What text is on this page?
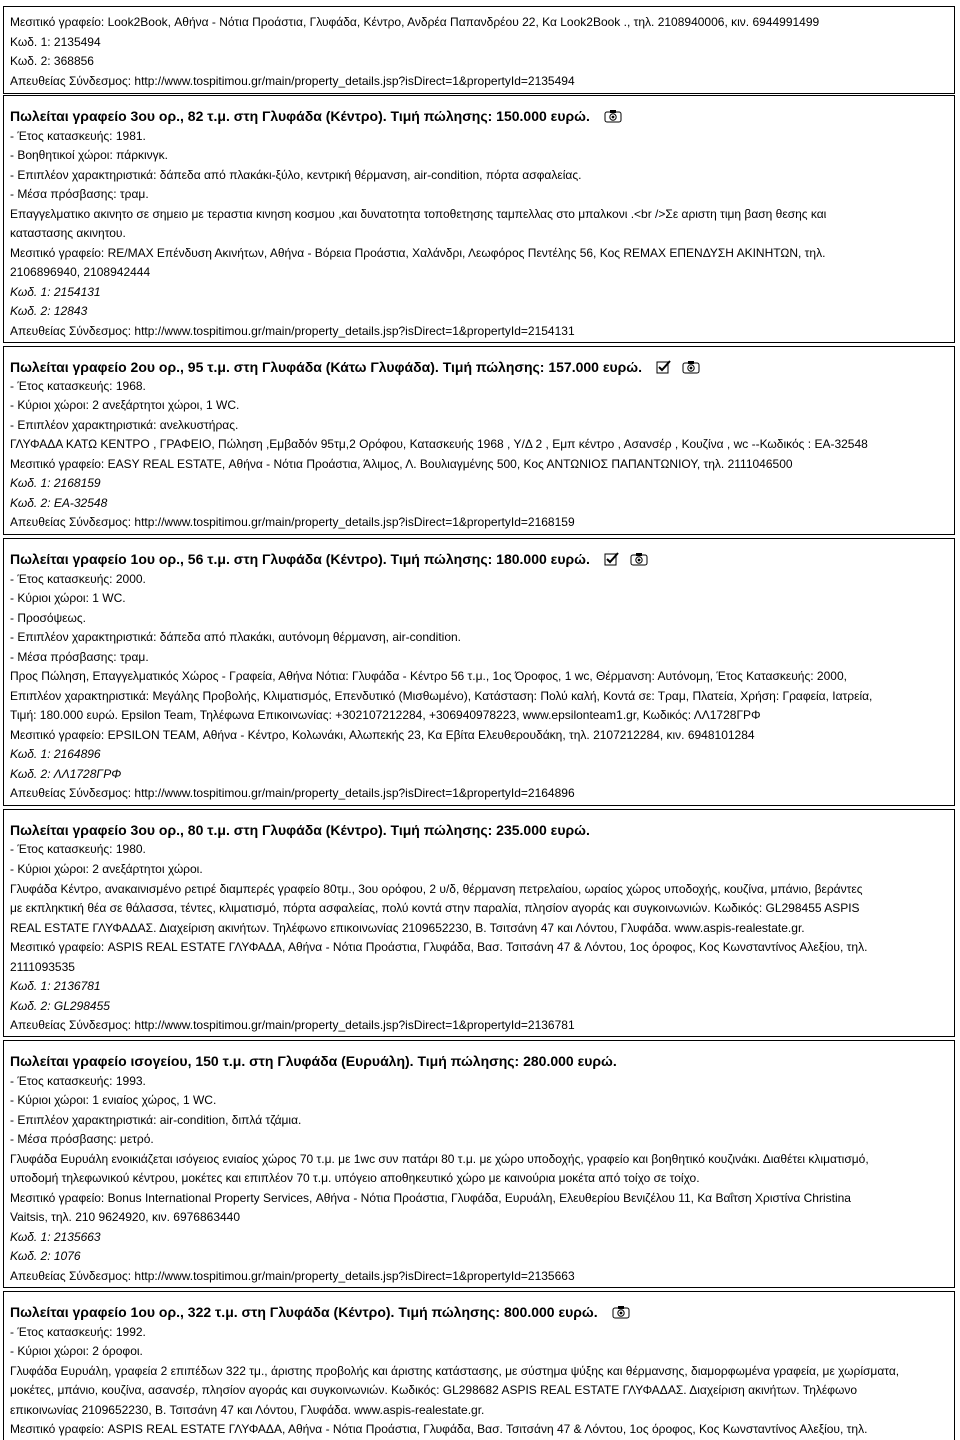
Μεσιτικό γραφείο: Look2Book, Αθήνα - Νότια Προάστια, Γλυφάδα, Κέντρο, Ανδρέα Παπανδρέου 22, Κα Look2Book ., τηλ. 2108940006, κιν. 6944991499
Κωδ. 1: 2135494
Κωδ. 2: 368856
Απευθείας Σύνδεσμος: http://www.tospitimou.gr/main/property_details.jsp?isDirect=1&propertyId=2135494
Πωλείται γραφείο 3ου ορ., 82 τ.μ. στη Γλυφάδα (Κέντρο). Τιμή πώλησης: 150.000 ευρώ.
- Έτος κατασκευής: 1981.
- Βοηθητικοί χώροι: πάρκινγκ.
- Επιπλέον χαρακτηριστικά: δάπεδα από πλακάκι-ξύλο, κεντρική θέρμανση, air-condition, πόρτα ασφαλείας.
- Μέσα πρόσβασης: τραμ.
Επαγγελματικο ακινητο σε σημειο με τεραστια κινηση κοσμου ,και δυνατοτητα τοποθετησης ταμπελλας στο μπαλκονι .<br />Σε αριστη τιμη βαση θεσης και
καταστασης ακινητου.
Μεσιτικό γραφείο: RE/MAX Επένδυση Ακινήτων, Αθήνα - Βόρεια Προάστια, Χαλάνδρι, Λεωφόρος Πεντέλης 56, Κος REMAX ΕΠΕΝΔΥΣΗ ΑΚΙΝΗΤΩΝ, τηλ.
2106896940, 2108942444
Κωδ. 1: 2154131
Κωδ. 2: 12843
Απευθείας Σύνδεσμος: http://www.tospitimou.gr/main/property_details.jsp?isDirect=1&propertyId=2154131
Πωλείται γραφείο 2ου ορ., 95 τ.μ. στη Γλυφάδα (Κάτω Γλυφάδα). Τιμή πώλησης: 157.000 ευρώ.
- Έτος κατασκευής: 1968.
- Κύριοι χώροι: 2 ανεξάρτητοι χώροι, 1 WC.
- Επιπλέον χαρακτηριστικά: ανελκυστήρας.
ΓΛΥΦΑΔΑ ΚΑΤΩ ΚΕΝΤΡΟ , ΓΡΑΦΕΙΟ, Πώληση ,Εμβαδόν 95τμ,2 Ορόφου, Κατασκευής 1968 , Υ/Δ 2 , Εμπ κέντρο , Ασανσέρ , Κουζίνα , wc --Κωδικός : ΕΑ-32548
Μεσιτικό γραφείο: EASY REAL ESTATE, Αθήνα - Νότια Προάστια, Άλιμος, Λ. Βουλιαγμένης 500, Κος ΑΝΤΩΝΙΟΣ ΠΑΠΑΝΤΩΝΙΟΥ, τηλ. 2111046500
Κωδ. 1: 2168159
Κωδ. 2: ΕΑ-32548
Απευθείας Σύνδεσμος: http://www.tospitimou.gr/main/property_details.jsp?isDirect=1&propertyId=2168159
Πωλείται γραφείο 1ου ορ., 56 τ.μ. στη Γλυφάδα (Κέντρο). Τιμή πώλησης: 180.000 ευρώ.
- Έτος κατασκευής: 2000.
- Κύριοι χώροι: 1 WC.
- Προσόψεως.
- Επιπλέον χαρακτηριστικά: δάπεδα από πλακάκι, αυτόνομη θέρμανση, air-condition.
- Μέσα πρόσβασης: τραμ.
Προς Πώληση, Επαγγελματικός Χώρος - Γραφεία, Αθήνα Νότια: Γλυφάδα - Κέντρο 56 τ.μ., 1ος Όροφος, 1 wc, Θέρμανση: Αυτόνομη, Έτος Κατασκευής: 2000,
Επιπλέον χαρακτηριστικά: Μεγάλης Προβολής, Κλιματισμός, Επενδυτικό (Μισθωμένο), Κατάσταση: Πολύ καλή, Κοντά σε: Τραμ, Πλατεία, Χρήση: Γραφεία, Ιατρεία,
Τιμή: 180.000 ευρώ. Epsilon Team, Τηλέφωνα Επικοινωνίας: +302107212284, +306940978223, www.epsilonteam1.gr, Κωδικός: ΛΛ1728ΓΡΦ
Μεσιτικό γραφείο: EPSILON TEAM, Αθήνα - Κέντρο, Κολωνάκι, Αλωπεκής 23, Κα Εβίτα Ελευθερουδάκη, τηλ. 2107212284, κιν. 6948101284
Κωδ. 1: 2164896
Κωδ. 2: ΛΛ1728ΓΡΦ
Απευθείας Σύνδεσμος: http://www.tospitimou.gr/main/property_details.jsp?isDirect=1&propertyId=2164896
Πωλείται γραφείο 3ου ορ., 80 τ.μ. στη Γλυφάδα (Κέντρο). Τιμή πώλησης: 235.000 ευρώ.
- Έτος κατασκευής: 1980.
- Κύριοι χώροι: 2 ανεξάρτητοι χώροι.
Γλυφάδα Κέντρο, ανακαινισμένο ρετιρέ διαμπερές γραφείο 80τμ., 3ου ορόφου, 2 υ/δ, θέρμανση πετρελαίου, ωραίος χώρος υποδοχής, κουζίνα, μπάνιο, βεράντες
με εκπληκτική θέα σε θάλασσα, τέντες, κλιματισμό, πόρτα ασφαλείας, πολύ κοντά στην παραλία, πλησίον αγοράς και συγκοινωνιών. Κωδικός: GL298455 ASPIS
REAL ESTATE ΓΛΥΦΑΔΑΣ. Διαχείριση ακινήτων. Τηλέφωνο επικοινωνίας 2109652230, Β. Τσιτσάνη 47 και Λόντου, Γλυφάδα. www.aspis-realestate.gr.
Μεσιτικό γραφείο: ASPIS REAL ESTATE ΓΛΥΦΑΔΑ, Αθήνα - Νότια Προάστια, Γλυφάδα, Βασ. Τσιτσάνη 47 & Λόντου, 1ος όροφος, Κος Κωνσταντίνος Αλεξίου, τηλ.
2111093535
Κωδ. 1: 2136781
Κωδ. 2: GL298455
Απευθείας Σύνδεσμος: http://www.tospitimou.gr/main/property_details.jsp?isDirect=1&propertyId=2136781
Πωλείται γραφείο ισογείου, 150 τ.μ. στη Γλυφάδα (Ευρυάλη). Τιμή πώλησης: 280.000 ευρώ.
- Έτος κατασκευής: 1993.
- Κύριοι χώροι: 1 ενιαίος χώρος, 1 WC.
- Επιπλέον χαρακτηριστικά: air-condition, διπλά τζάμια.
- Μέσα πρόσβασης: μετρό.
Γλυφάδα Ευρυάλη ενοικιάζεται ισόγειος ενιαίος χώρος 70 τ.μ. με 1wc συν πατάρι 80 τ.μ. με χώρο υποδοχής, γραφείο και βοηθητικό κουζινάκι. Διαθέτει κλιματισμό,
υποδομή τηλεφωνικού κέντρου, μοκέτες και επιπλέον 70 τ.μ. υπόγειο αποθηκευτικό χώρο με καινούρια μοκέτα από τοίχο σε τοίχο.
Μεσιτικό γραφείο: Bonus International Property Services, Αθήνα - Νότια Προάστια, Γλυφάδα, Ευρυάλη, Ελευθερίου Βενιζέλου 11, Κα Βαΐτση Χριστίνα Christina
Vaitsis, τηλ. 210 9624920, κιν. 6976863440
Κωδ. 1: 2135663
Κωδ. 2: 1076
Απευθείας Σύνδεσμος: http://www.tospitimou.gr/main/property_details.jsp?isDirect=1&propertyId=2135663
Πωλείται γραφείο 1ου ορ., 322 τ.μ. στη Γλυφάδα (Κέντρο). Τιμή πώλησης: 800.000 ευρώ.
- Έτος κατασκευής: 1992.
- Κύριοι χώροι: 2 όροφοι.
Γλυφάδα Ευρυάλη, γραφεία 2 επιπέδων 322 τμ., άριστης προβολής και άριστης κατάστασης, με σύστημα ψύξης και θέρμανσης, διαμορφωμένα γραφεία, με χωρίσματα,
μοκέτες, μπάνιο, κουζίνα, ασανσέρ, πλησίον αγοράς και συγκοινωνιών. Κωδικός: GL298682 ASPIS REAL ESTATE ΓΛΥΦΑΔΑΣ. Διαχείριση ακινήτων. Τηλέφωνο
επικοινωνίας 2109652230, Β. Τσιτσάνη 47 και Λόντου, Γλυφάδα. www.aspis-realestate.gr.
Μεσιτικό γραφείο: ASPIS REAL ESTATE ΓΛΥΦΑΔΑ, Αθήνα - Νότια Προάστια, Γλυφάδα, Βασ. Τσιτσάνη 47 & Λόντου, 1ος όροφος, Κος Κωνσταντίνος Αλεξίου, τηλ.
